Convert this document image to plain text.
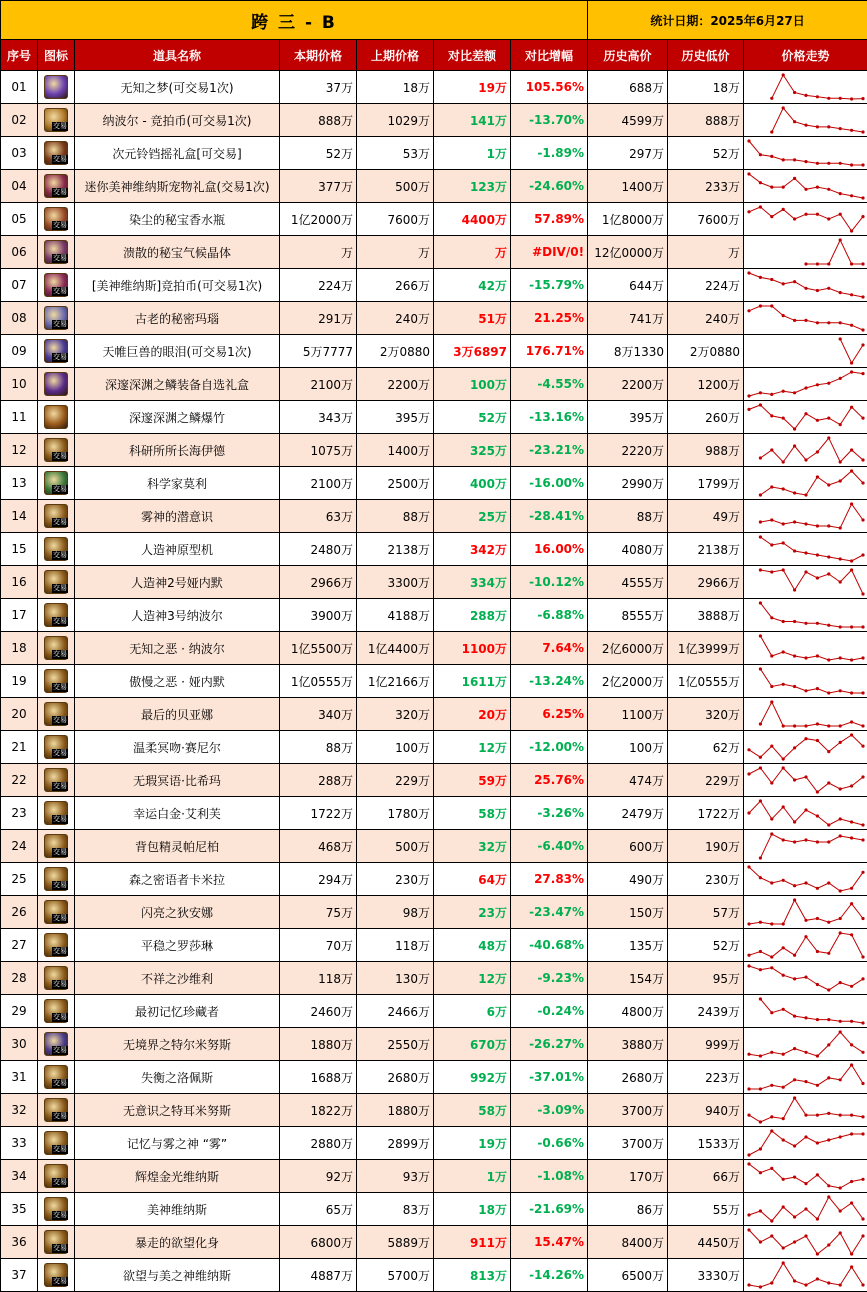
跨 三 - B							统计日期：2025年6月27日		
序号	图标	道具名称	本期价格	上期价格	对比差额	对比增幅	历史高价	历史低价	价格走势
01		无知之梦(可交易1次)	37万	18万	19万	105.56%	688万	18万	

02	交易	纳波尔 - 竞拍币(可交易1次)	888万	1029万	141万	-13.70%	4599万	888万	

03	交易	次元铃铛摇礼盒[可交易]	52万	53万	1万	-1.89%	297万	52万	

04	交易	迷你美神维纳斯宠物礼盒(交易1次)	377万	500万	123万	-24.60%	1400万	233万	

05	交易	染尘的秘宝香水瓶	1亿2000万	7600万	4400万	57.89%	1亿8000万	7600万	

06	交易	溃散的秘宝气候晶体	万	万	万	#DIV/0!	12亿0000万	万	

07	交易	[美神维纳斯]竞拍币(可交易1次)	224万	266万	42万	-15.79%	644万	224万	

08	交易	古老的秘密玛瑙	291万	240万	51万	21.25%	741万	240万	

09	交易	天帷巨兽的眼泪(可交易1次)	5万7777	2万0880	3万6897	176.71%	8万1330	2万0880	

10		深邃深渊之鳞装备自选礼盒	2100万	2200万	100万	-4.55%	2200万	1200万	

11		深邃深渊之鳞爆竹	343万	395万	52万	-13.16%	395万	260万	

12	交易	科研所所长海伊德	1075万	1400万	325万	-23.21%	2220万	988万	

13	交易	科学家莫利	2100万	2500万	400万	-16.00%	2990万	1799万	

14	交易	雾神的潜意识	63万	88万	25万	-28.41%	88万	49万	

15	交易	人造神原型机	2480万	2138万	342万	16.00%	4080万	2138万	

16	交易	人造神2号娅内默	2966万	3300万	334万	-10.12%	4555万	2966万	

17	交易	人造神3号纳波尔	3900万	4188万	288万	-6.88%	8555万	3888万	

18	交易	无知之恶 · 纳波尔	1亿5500万	1亿4400万	1100万	7.64%	2亿6000万	1亿3999万	

19	交易	傲慢之恶 · 娅内默	1亿0555万	1亿2166万	1611万	-13.24%	2亿2000万	1亿0555万	

20	交易	最后的贝亚娜	340万	320万	20万	6.25%	1100万	320万	

21	交易	温柔冥吻·赛尼尔	88万	100万	12万	-12.00%	100万	62万	

22	交易	无瑕冥语·比希玛	288万	229万	59万	25.76%	474万	229万	

23	交易	幸运白金·艾利芙	1722万	1780万	58万	-3.26%	2479万	1722万	

24	交易	背包精灵帕尼柏	468万	500万	32万	-6.40%	600万	190万	

25	交易	森之密语者卡米拉	294万	230万	64万	27.83%	490万	230万	

26	交易	闪亮之狄安娜	75万	98万	23万	-23.47%	150万	57万	

27	交易	平稳之罗莎琳	70万	118万	48万	-40.68%	135万	52万	

28	交易	不祥之沙维利	118万	130万	12万	-9.23%	154万	95万	

29	交易	最初记忆珍藏者	2460万	2466万	6万	-0.24%	4800万	2439万	

30	交易	无境界之特尔米努斯	1880万	2550万	670万	-26.27%	3880万	999万	

31	交易	失衡之洛佩斯	1688万	2680万	992万	-37.01%	2680万	223万	

32	交易	无意识之特耳米努斯	1822万	1880万	58万	-3.09%	3700万	940万	

33	交易	记忆与雾之神 “雾”	2880万	2899万	19万	-0.66%	3700万	1533万	

34	交易	辉煌金光维纳斯	92万	93万	1万	-1.08%	170万	66万	

35	交易	美神维纳斯	65万	83万	18万	-21.69%	86万	55万	

36	交易	暴走的欲望化身	6800万	5889万	911万	15.47%	8400万	4450万	

37	交易	欲望与美之神维纳斯	4887万	5700万	813万	-14.26%	6500万	3330万	
